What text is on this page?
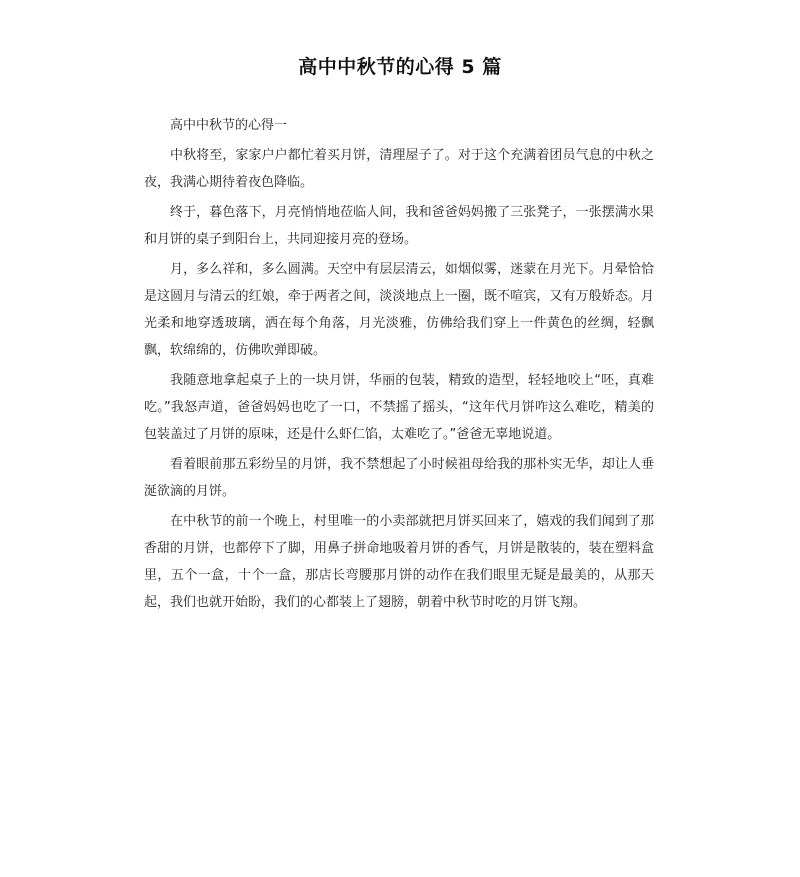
高中中秋节的心得 5 篇

高中中秋节的心得一

中秋将至，家家户户都忙着买月饼，清理屋子了。对于这个充满着团员气息的中秋之夜，我满心期待着夜色降临。

终于，暮色落下，月亮悄悄地莅临人间，我和爸爸妈妈搬了三张凳子，一张摆满水果和月饼的桌子到阳台上，共同迎接月亮的登场。

月，多么祥和，多么圆满。天空中有层层清云，如烟似雾，迷蒙在月光下。月晕恰恰是这圆月与清云的红娘，牵于两者之间，淡淡地点上一圈，既不喧宾，又有万般娇态。月光柔和地穿透玻璃，洒在每个角落，月光淡雅，仿佛给我们穿上一件黄色的丝绸，轻飘飘，软绵绵的，仿佛吹弹即破。

我随意地拿起桌子上的一块月饼，华丽的包装，精致的造型，轻轻地咬上“呸，真难吃。”我怒声道，爸爸妈妈也吃了一口，不禁摇了摇头，“这年代月饼咋这么难吃，精美的包装盖过了月饼的原味，还是什么虾仁馅，太难吃了。”爸爸无辜地说道。

看着眼前那五彩纷呈的月饼，我不禁想起了小时候祖母给我的那朴实无华，却让人垂涎欲滴的月饼。

在中秋节的前一个晚上，村里唯一的小卖部就把月饼买回来了，嬉戏的我们闻到了那香甜的月饼，也都停下了脚，用鼻子拼命地吸着月饼的香气，月饼是散装的，装在塑料盒里，五个一盒，十个一盒，那店长弯腰那月饼的动作在我们眼里无疑是最美的，从那天起，我们也就开始盼，我们的心都装上了翅膀，朝着中秋节时吃的月饼飞翔。
